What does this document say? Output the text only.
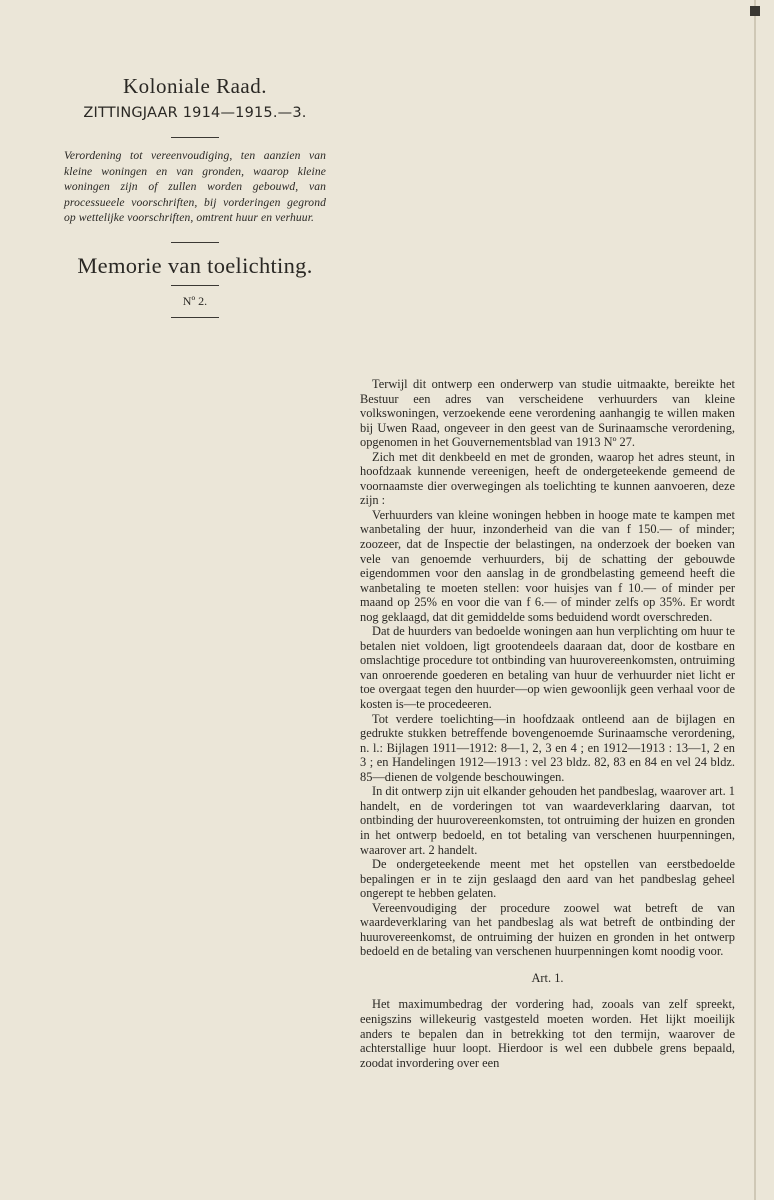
Koloniale Raad.

ZITTINGJAAR 1914—1915.—3.

Verordening tot vereenvoudiging, ten aanzien van kleine woningen en van gronden, waarop kleine woningen zijn of zullen worden gebouwd, van processueele voorschriften, bij vorderingen gegrond op wettelijke voorschriften, omtrent huur en verhuur.

Memorie van toelichting.

Nº 2.

Terwijl dit ontwerp een onderwerp van studie uitmaakte, bereikte het Bestuur een adres van verscheidene verhuurders van kleine volkswoningen, verzoekende eene verordening aanhangig te willen maken bij Uwen Raad, ongeveer in den geest van de Surinaamsche verordening, opgenomen in het Gouvernementsblad van 1913 Nº 27.

Zich met dit denkbeeld en met de gronden, waarop het adres steunt, in hoofdzaak kunnende vereenigen, heeft de ondergeteekende gemeend de voornaamste dier overwegingen als toelichting te kunnen aanvoeren, deze zijn :

Verhuurders van kleine woningen hebben in hooge mate te kampen met wanbetaling der huur, inzonderheid van die van f 150.— of minder; zoozeer, dat de Inspectie der belastingen, na onderzoek der boeken van vele van genoemde verhuurders, bij de schatting der gebouwde eigendommen voor den aanslag in de grondbelasting gemeend heeft die wanbetaling te moeten stellen: voor huisjes van f 10.— of minder per maand op 25% en voor die van f 6.— of minder zelfs op 35%. Er wordt nog geklaagd, dat dit gemiddelde soms beduidend wordt overschreden.

Dat de huurders van bedoelde woningen aan hun verplichting om huur te betalen niet voldoen, ligt grootendeels daaraan dat, door de kostbare en omslachtige procedure tot ontbinding van huurovereenkomsten, ontruiming van onroerende goederen en betaling van huur de verhuurder niet licht er toe overgaat tegen den huurder—op wien gewoonlijk geen verhaal voor de kosten is—te procedeeren.

Tot verdere toelichting—in hoofdzaak ontleend aan de bijlagen en gedrukte stukken betreffende bovengenoemde Surinaamsche verordening, n. l.: Bijlagen 1911—1912: 8—1, 2, 3 en 4 ; en 1912—1913 : 13—1, 2 en 3 ; en Handelingen 1912—1913 : vel 23 bldz. 82, 83 en 84 en vel 24 bldz. 85—dienen de volgende beschouwingen.

In dit ontwerp zijn uit elkander gehouden het pandbeslag, waarover art. 1 handelt, en de vorderingen tot van waardeverklaring daarvan, tot ontbinding der huurovereenkomsten, tot ontruiming der huizen en gronden in het ontwerp bedoeld, en tot betaling van verschenen huurpenningen, waarover art. 2 handelt.

De ondergeteekende meent met het opstellen van eerstbedoelde bepalingen er in te zijn geslaagd den aard van het pandbeslag geheel ongerept te hebben gelaten.

Vereenvoudiging der procedure zoowel wat betreft de van waardeverklaring van het pandbeslag als wat betreft de ontbinding der huurovereenkomst, de ontruiming der huizen en gronden in het ontwerp bedoeld en de betaling van verschenen huurpenningen komt noodig voor.

Art. 1.

Het maximumbedrag der vordering had, zooals van zelf spreekt, eenigszins willekeurig vastgesteld moeten worden. Het lijkt moeilijk anders te bepalen dan in betrekking tot den termijn, waarover de achterstallige huur loopt. Hierdoor is wel een dubbele grens bepaald, zoodat invordering over een
